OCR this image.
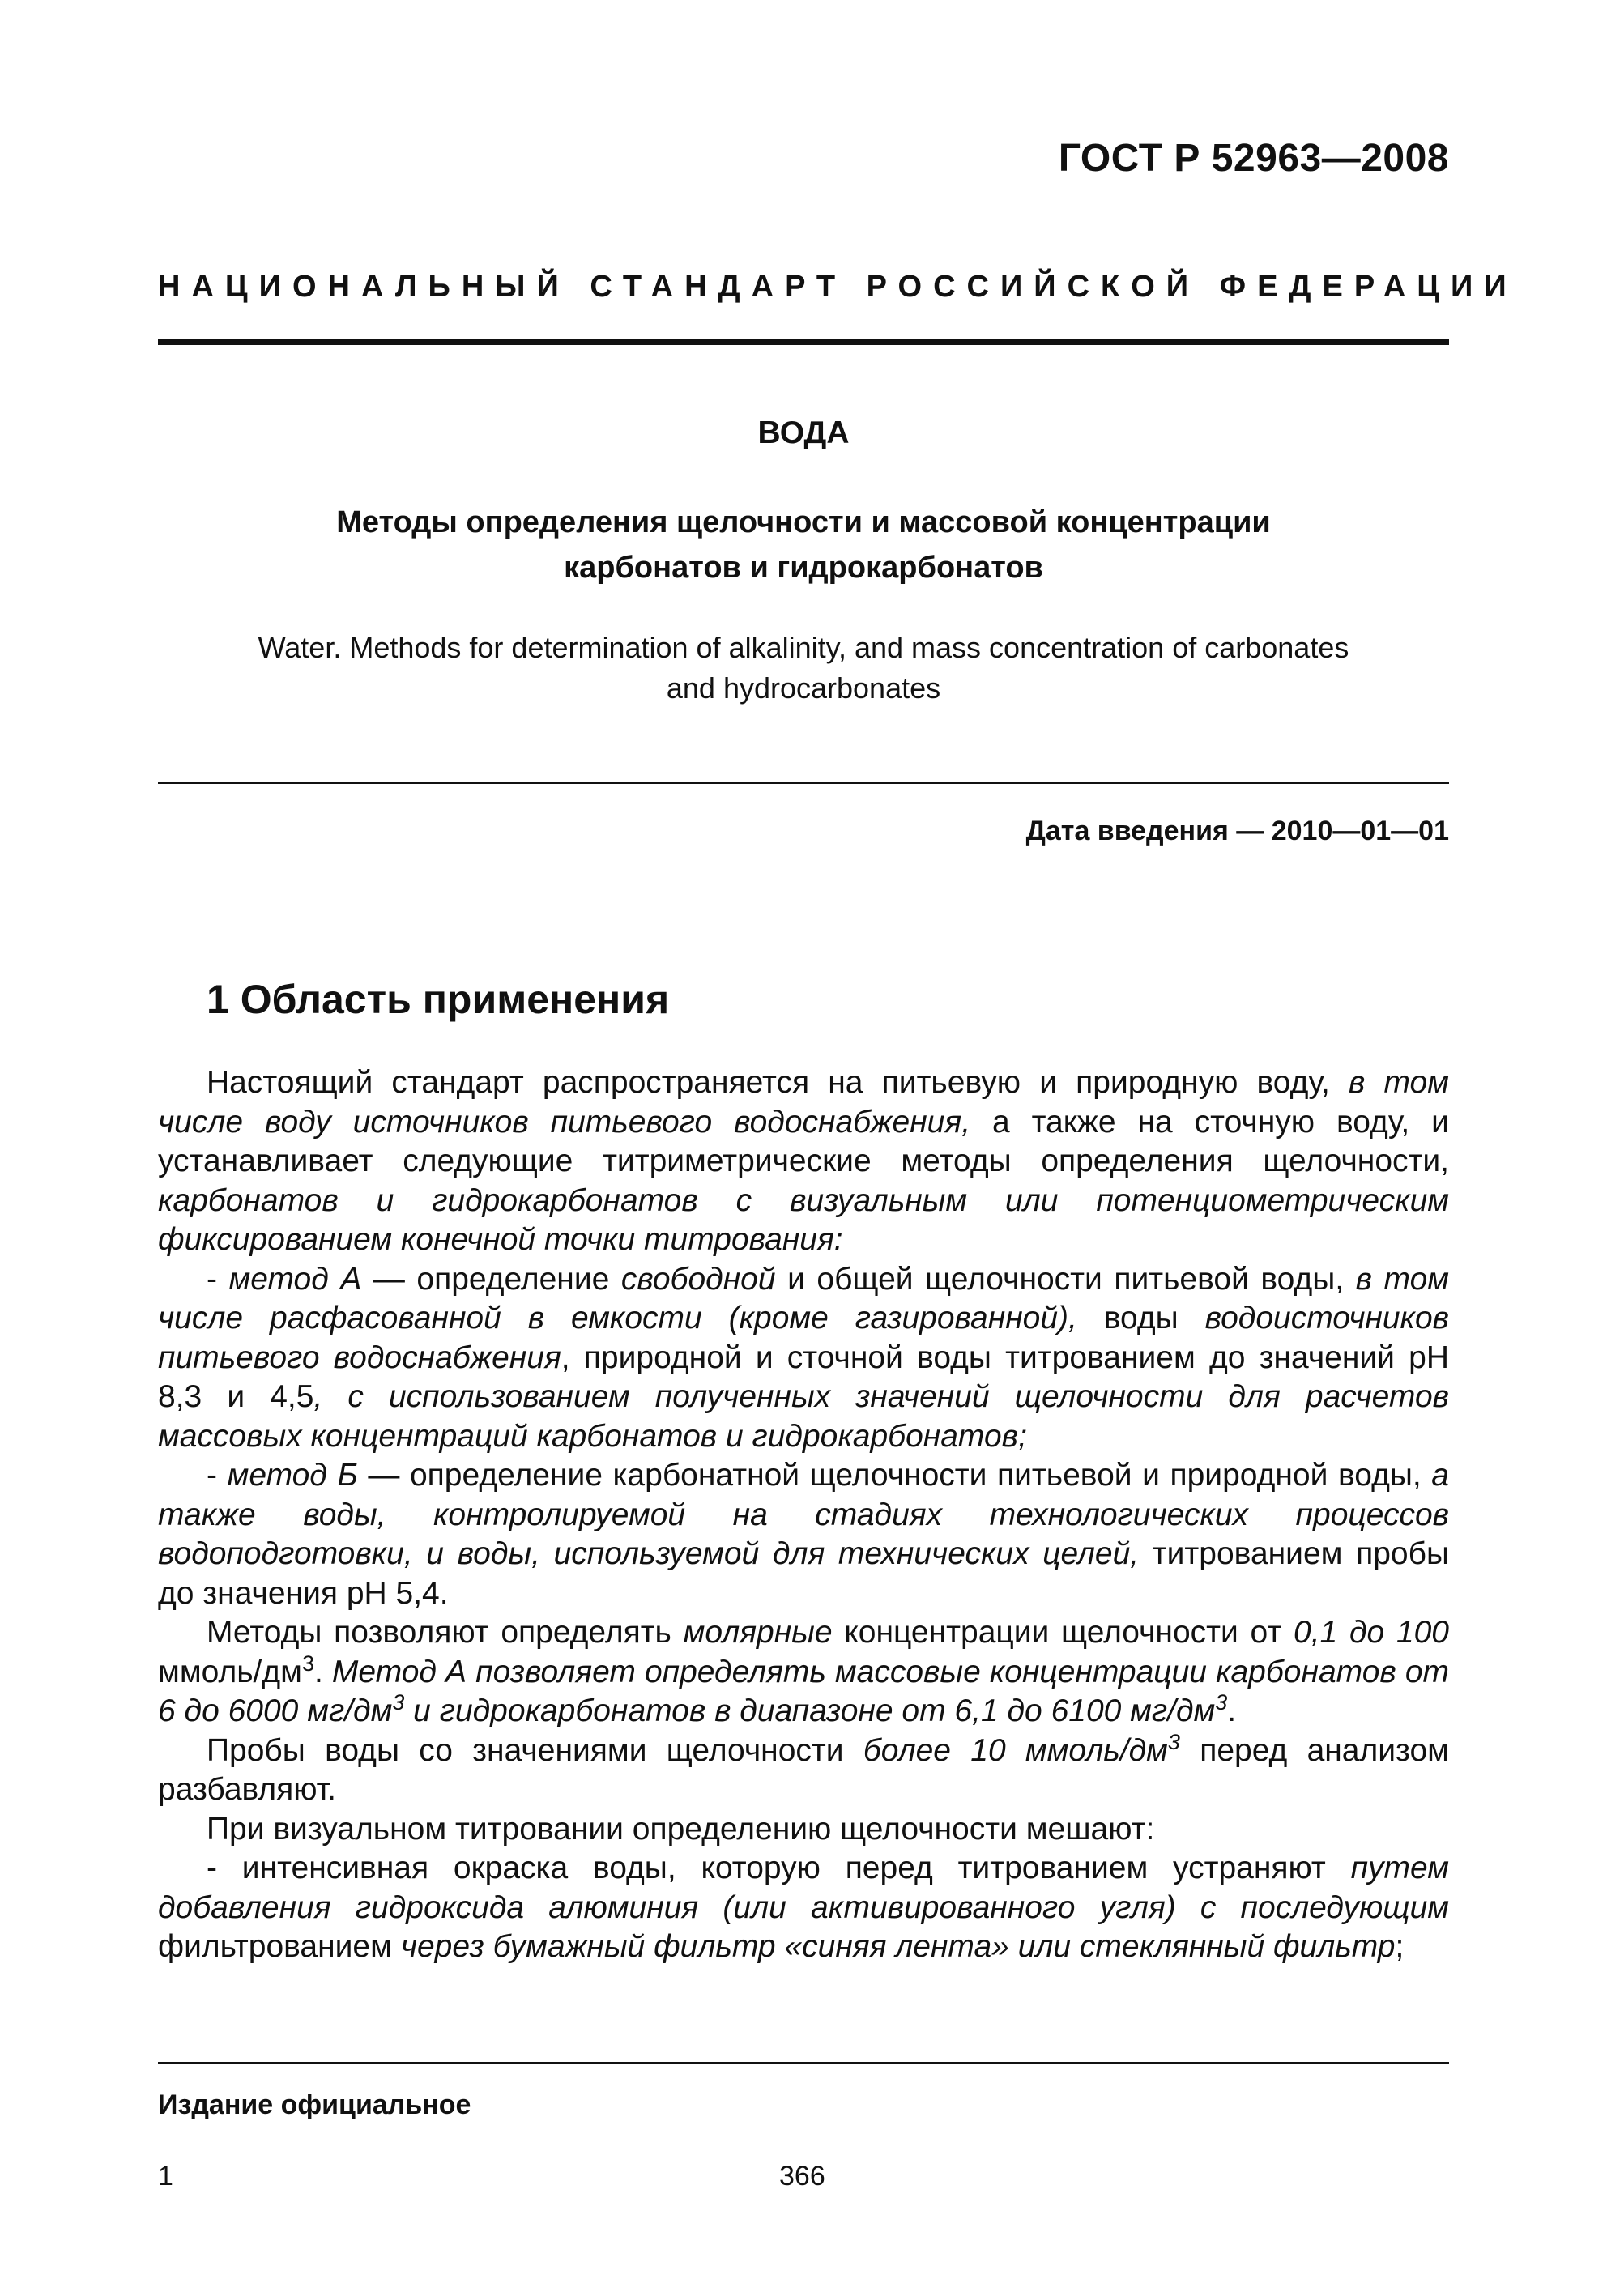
ГОСТ Р 52963—2008
НАЦИОНАЛЬНЫЙ СТАНДАРТ РОССИЙСКОЙ ФЕДЕРАЦИИ
ВОДА
Методы определения щелочности и массовой концентрации
карбонатов и гидрокарбонатов
Water. Methods for determination of alkalinity, and mass concentration of carbonates
and hydrocarbonates
Дата введения — 2010—01—01
1 Область применения

Настоящий стандарт распространяется на питьевую и природную воду, в том числе воду источников питьевого водоснабжения, а также на сточную воду, и устанавливает следующие титриметрические методы определения щелочности, карбонатов и гидрокарбонатов с визуальным или потенциометрическим фиксированием конечной точки титрования:

- метод А — определение свободной и общей щелочности питьевой воды, в том числе расфасованной в емкости (кроме газированной), воды водоисточников питьевого водоснабжения, природной и сточной воды титрованием до значений рН 8,3 и 4,5, с использованием полученных значений щелочности для расчетов массовых концентраций карбонатов и гидрокарбонатов;

- метод Б — определение карбонатной щелочности питьевой и природной воды, а также воды, контролируемой на стадиях технологических процессов водоподготовки, и воды, используемой для технических целей, титрованием пробы до значения рН 5,4.

Методы позволяют определять молярные концентрации щелочности от 0,1 до 100 ммоль/$дм^3$. Метод А позволяет определять массовые концентрации карбонатов от 6 до 6000 $мг/дм^3$ и гидрокарбонатов в диапазоне от 6,1 до 6100 $мг/дм^3$.

Пробы воды со значениями щелочности более 10 ммоль/$дм^3$ перед анализом разбавляют.

При визуальном титровании определению щелочности мешают:

- интенсивная окраска воды, которую перед титрованием устраняют путем добавления гидроксида алюминия (или активированного угля) с последующим фильтрованием через бумажный фильтр «синяя лента» или стеклянный фильтр;

Издание официальное
1	366
